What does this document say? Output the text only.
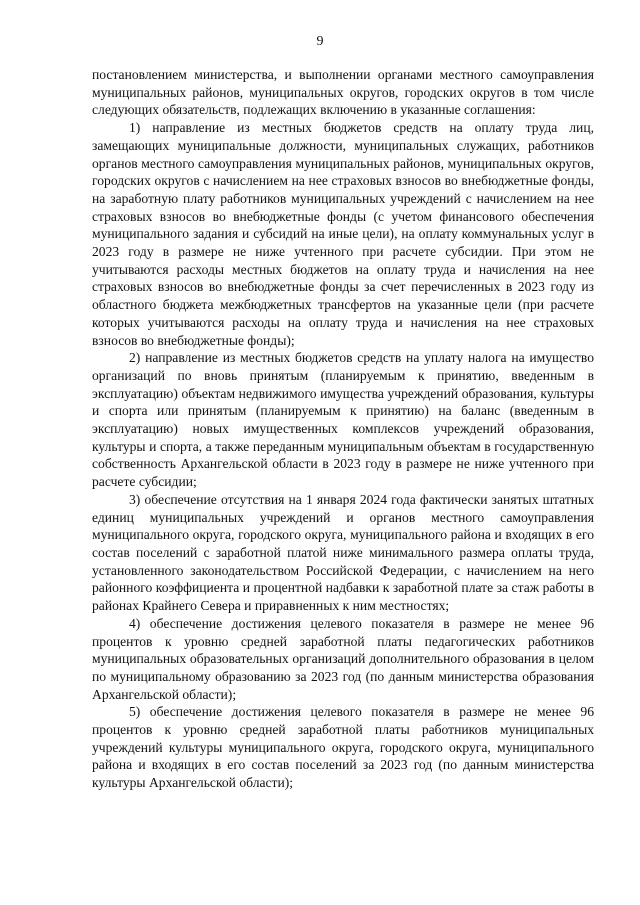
9

постановлением министерства, и выполнении органами местного самоуправления муниципальных районов, муниципальных округов, городских округов в том числе следующих обязательств, подлежащих включению в указанные соглашения:

1) направление из местных бюджетов средств на оплату труда лиц, замещающих муниципальные должности, муниципальных служащих, работников органов местного самоуправления муниципальных районов, муниципальных округов, городских округов с начислением на нее страховых взносов во внебюджетные фонды, на заработную плату работников муниципальных учреждений с начислением на нее страховых взносов во внебюджетные фонды (с учетом финансового обеспечения муниципального задания и субсидий на иные цели), на оплату коммунальных услуг в 2023 году в размере не ниже учтенного при расчете субсидии. При этом не учитываются расходы местных бюджетов на оплату труда и начисления на нее страховых взносов во внебюджетные фонды за счет перечисленных в 2023 году из областного бюджета межбюджетных трансфертов на указанные цели (при расчете которых учитываются расходы на оплату труда и начисления на нее страховых взносов во внебюджетные фонды);

2) направление из местных бюджетов средств на уплату налога на имущество организаций по вновь принятым (планируемым к принятию, введенным в эксплуатацию) объектам недвижимого имущества учреждений образования, культуры и спорта или принятым (планируемым к принятию) на баланс (введенным в эксплуатацию) новых имущественных комплексов учреждений образования, культуры и спорта, а также переданным муниципальным объектам в государственную собственность Архангельской области в 2023 году в размере не ниже учтенного при расчете субсидии;

3) обеспечение отсутствия на 1 января 2024 года фактически занятых штатных единиц муниципальных учреждений и органов местного самоуправления муниципального округа, городского округа, муниципального района и входящих в его состав поселений с заработной платой ниже минимального размера оплаты труда, установленного законодательством Российской Федерации, с начислением на него районного коэффициента и процентной надбавки к заработной плате за стаж работы в районах Крайнего Севера и приравненных к ним местностях;

4) обеспечение достижения целевого показателя в размере не менее 96 процентов к уровню средней заработной платы педагогических работников муниципальных образовательных организаций дополнительного образования в целом по муниципальному образованию за 2023 год (по данным министерства образования Архангельской области);

5) обеспечение достижения целевого показателя в размере не менее 96 процентов к уровню средней заработной платы работников муниципальных учреждений культуры муниципального округа, городского округа, муниципального района и входящих в его состав поселений за 2023 год (по данным министерства культуры Архангельской области);
